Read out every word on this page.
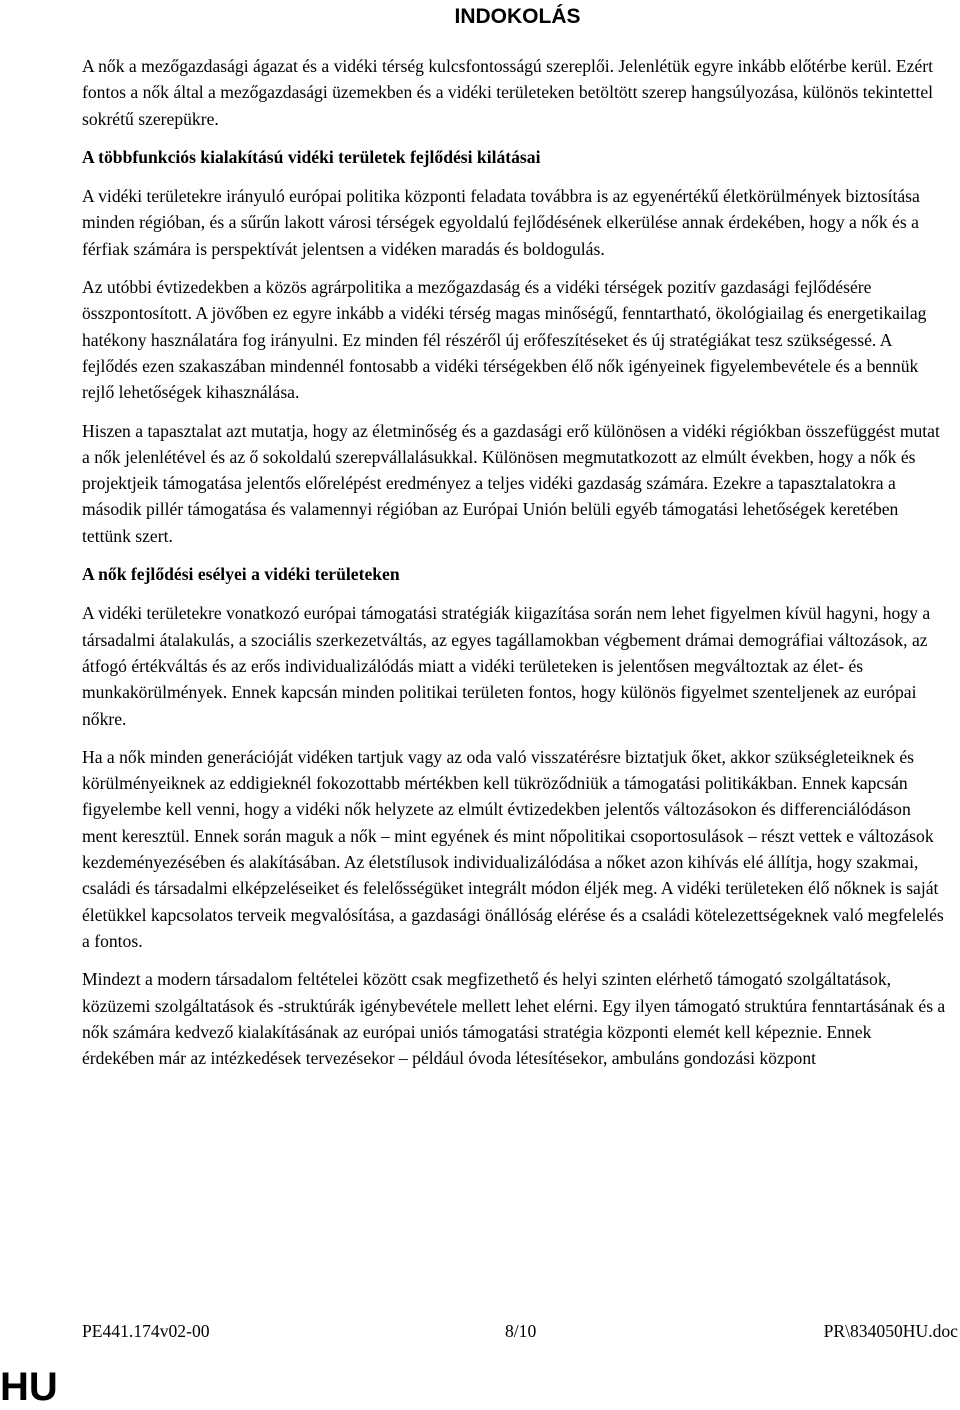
INDOKOLÁS

A nők a mezőgazdasági ágazat és a vidéki térség kulcsfontosságú szereplői. Jelenlétük egyre inkább előtérbe kerül. Ezért fontos a nők által a mezőgazdasági üzemekben és a vidéki területeken betöltött szerep hangsúlyozása, különös tekintettel sokrétű szerepükre.

A többfunkciós kialakítású vidéki területek fejlődési kilátásai

A vidéki területekre irányuló európai politika központi feladata továbbra is az egyenértékű életkörülmények biztosítása minden régióban, és a sűrűn lakott városi térségek egyoldalú fejlődésének elkerülése annak érdekében, hogy a nők és a férfiak számára is perspektívát jelentsen a vidéken maradás és boldogulás.

Az utóbbi évtizedekben a közös agrárpolitika a mezőgazdaság és a vidéki térségek pozitív gazdasági fejlődésére összpontosított. A jövőben ez egyre inkább a vidéki térség magas minőségű, fenntartható, ökológiailag és energetikailag hatékony használatára fog irányulni. Ez minden fél részéről új erőfeszítéseket és új stratégiákat tesz szükségessé. A fejlődés ezen szakaszában mindennél fontosabb a vidéki térségekben élő nők igényeinek figyelembevétele és a bennük rejlő lehetőségek kihasználása.

Hiszen a tapasztalat azt mutatja, hogy az életminőség és a gazdasági erő különösen a vidéki régiókban összefüggést mutat a nők jelenlétével és az ő sokoldalú szerepvállalásukkal. Különösen megmutatkozott az elmúlt években, hogy a nők és projektjeik támogatása jelentős előrelépést eredményez a teljes vidéki gazdaság számára. Ezekre a tapasztalatokra a második pillér támogatása és valamennyi régióban az Európai Unión belüli egyéb támogatási lehetőségek keretében tettünk szert.

A nők fejlődési esélyei a vidéki területeken

A vidéki területekre vonatkozó európai támogatási stratégiák kiigazítása során nem lehet figyelmen kívül hagyni, hogy a társadalmi átalakulás, a szociális szerkezetváltás, az egyes tagállamokban végbement drámai demográfiai változások, az átfogó értékváltás és az erős individualizálódás miatt a vidéki területeken is jelentősen megváltoztak az élet- és munkakörülmények. Ennek kapcsán minden politikai területen fontos, hogy különös figyelmet szenteljenek az európai nőkre.

Ha a nők minden generációját vidéken tartjuk vagy az oda való visszatérésre biztatjuk őket, akkor szükségleteiknek és körülményeiknek az eddigieknél fokozottabb mértékben kell tükröződniük a támogatási politikákban. Ennek kapcsán figyelembe kell venni, hogy a vidéki nők helyzete az elmúlt évtizedekben jelentős változásokon és differenciálódáson ment keresztül. Ennek során maguk a nők – mint egyének és mint nőpolitikai csoportosulások – részt vettek e változások kezdeményezésében és alakításában. Az életstílusok individualizálódása a nőket azon kihívás elé állítja, hogy szakmai, családi és társadalmi elképzeléseiket és felelősségüket integrált módon éljék meg. A vidéki területeken élő nőknek is saját életükkel kapcsolatos terveik megvalósítása, a gazdasági önállóság elérése és a családi kötelezettségeknek való megfelelés a fontos.

Mindezt a modern társadalom feltételei között csak megfizethető és helyi szinten elérhető támogató szolgáltatások, közüzemi szolgáltatások és -struktúrák igénybevétele mellett lehet elérni. Egy ilyen támogató struktúra fenntartásának és a nők számára kedvező kialakításának az európai uniós támogatási stratégia központi elemét kell képeznie. Ennek érdekében már az intézkedések tervezésekor – például óvoda létesítésekor, ambuláns gondozási központ

PE441.174v02-00	8/10	PR\834050HU.doc
HU
